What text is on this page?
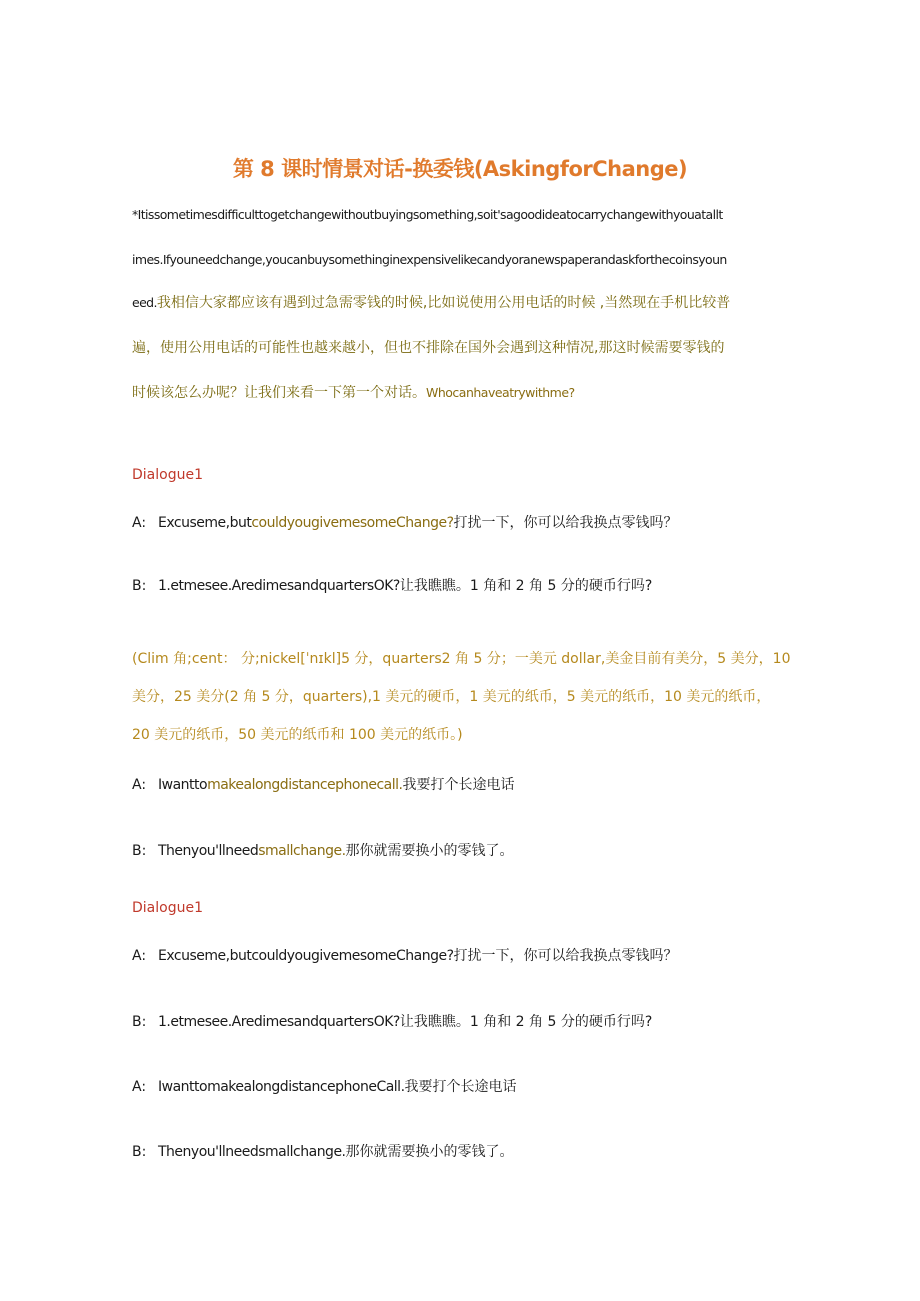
第 8 课时情景对话-换委钱(AskingforChange)
*Itissometimesdifficulttogetchangewithoutbuyingsomething,soit'sagoodideatocarrychangewithyouatallt
imes.Ifyouneedchange,youcanbuysomethinginexpensivelikecandyoranewspaperandaskforthecoinsyoun
eed.我相信大家都应该有遇到过急需零钱的时候,比如说使用公用电话的时候 ,当然现在手机比较普
遍，使用公用电话的可能性也越来越小，但也不排除在国外会遇到这种情况,那这时候需要零钱的
时候该怎么办呢？让我们来看一下第一个对话。Whocanhaveatrywithme?
Dialogue1
A: Excuseme,butcouldyougivemesomeChange?打扰一下，你可以给我换点零钱吗？
B: 1.etmesee.AredimesandquartersOK?让我瞧瞧。1 角和 2 角 5 分的硬币行吗?
(Clim 角;cent： 分;nickel[ˈnɪkl]5 分，quarters2 角 5 分；一美元 dollar,美金目前有美分，5 美分，10
美分，25 美分(2 角 5 分，quarters),1 美元的硬币，1 美元的纸币，5 美元的纸币，10 美元的纸币，
20 美元的纸币，50 美元的纸币和 100 美元的纸币。)
A: Iwanttomakealongdistancephonecall.我要打个长途电话
B: Thenyou'llneedsmallchange.那你就需要换小的零钱了。
Dialogue1
A: Excuseme,butcouldyougivemesomeChange?打扰一下，你可以给我换点零钱吗？
B: 1.etmesee.AredimesandquartersOK?让我瞧瞧。1 角和 2 角 5 分的硬币行吗?
A: IwanttomakealongdistancephoneCall.我要打个长途电话
B: Thenyou'llneedsmallchange.那你就需要换小的零钱了。
